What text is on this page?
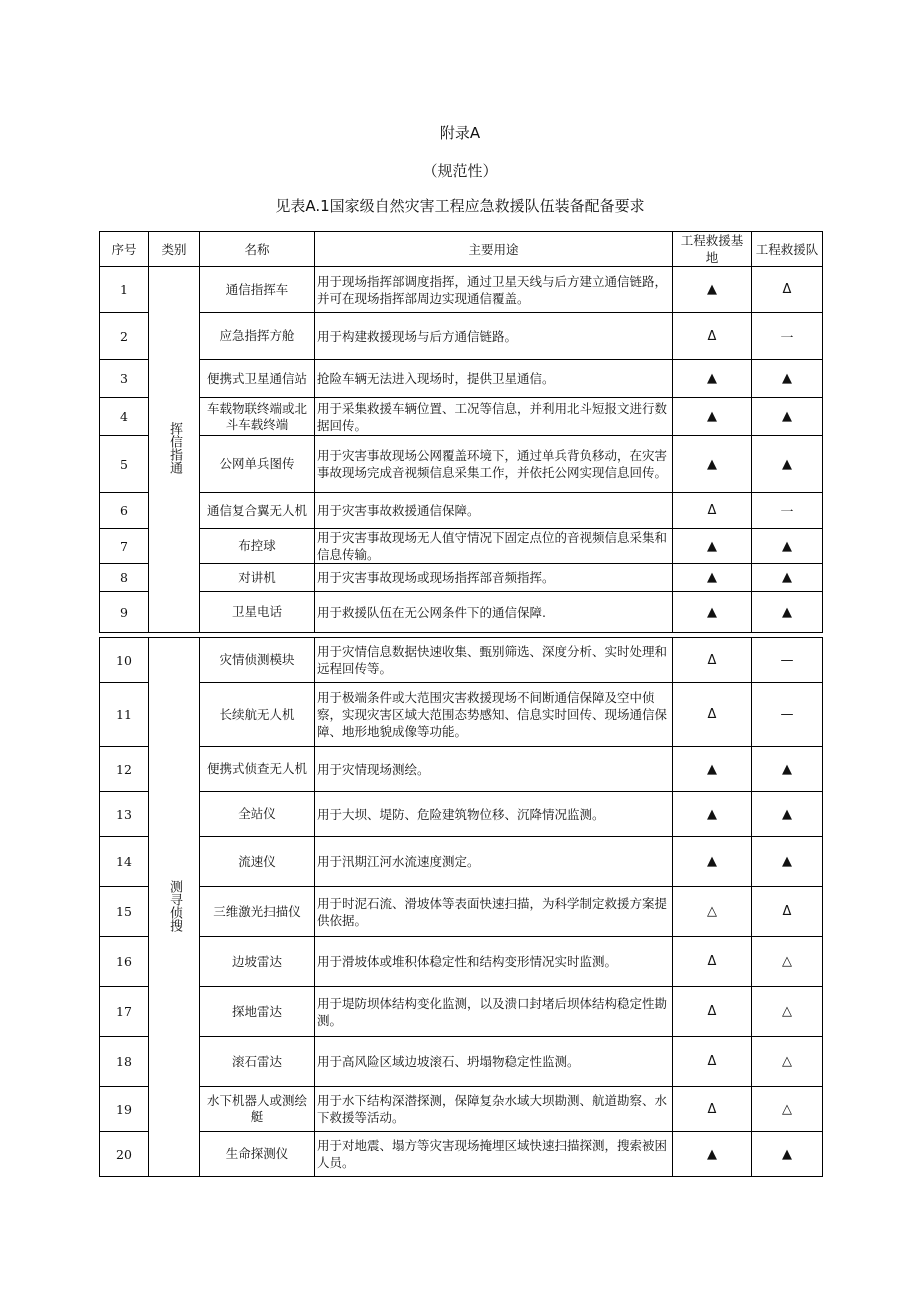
附录A
（规范性）
见表A.1国家级自然灾害工程应急救援队伍装备配备要求
序号	类别	名称	主要用途	工程救援基地	工程救援队
1	挥信指通	通信指挥车	用于现场指挥部调度指挥，通过卫星天线与后方建立通信链路，并可在现场指挥部周边实现通信覆盖。	▲	Δ
2		应急指挥方舱	用于构建救援现场与后方通信链路。	Δ	一
3		便携式卫星通信站	抢险车辆无法进入现场时，提供卫星通信。	▲	▲
4		车载物联终端或北斗车载终端	用于采集救援车辆位置、工况等信息，并利用北斗短报文进行数据回传。	▲	▲
5		公网单兵图传	用于灾害事故现场公网覆盖环境下，通过单兵背负移动，在灾害事故现场完成音视频信息采集工作，并依托公网实现信息回传。	▲	▲
6		通信复合翼无人机	用于灾害事故救援通信保障。	Δ	一
7		布控球	用于灾害事故现场无人值守情况下固定点位的音视频信息采集和信息传输。	▲	▲
8		对讲机	用于灾害事故现场或现场指挥部音频指挥。	▲	▲
9		卫星电话	用于救援队伍在无公网条件下的通信保障.	▲	▲

10	测寻侦搜	灾情侦测模块	用于灾情信息数据快速收集、甄别筛选、深度分析、实时处理和远程回传等。	Δ	—
11		长续航无人机	用于极端条件或大范围灾害救援现场不间断通信保障及空中侦察，实现灾害区域大范围态势感知、信息实时回传、现场通信保障、地形地貌成像等功能。	Δ	—
12		便携式侦查无人机	用于灾情现场测绘。	▲	▲
13		全站仪	用于大坝、堤防、危险建筑物位移、沉降情况监测。	▲	▲
14		流速仪	用于汛期江河水流速度测定。	▲	▲
15		三维激光扫描仪	用于时泥石流、滑坡体等表面快速扫描，为科学制定救援方案提供依据。	△	Δ
16		边坡雷达	用于滑坡体或堆积体稳定性和结构变形情况实时监测。	Δ	△
17		探地雷达	用于堤防坝体结构变化监测，以及溃口封堵后坝体结构稳定性勘测。	Δ	△
18		滚石雷达	用于高风险区域边坡滚石、坍塌物稳定性监测。	Δ	△
19		水下机器人或测绘艇	用于水下结构深潜探测，保障复杂水域大坝勘测、航道勘察、水下救援等活动。	Δ	△
20		生命探测仪	用于对地震、塌方等灾害现场掩埋区域快速扫描探测，搜索被困人员。	▲	▲
